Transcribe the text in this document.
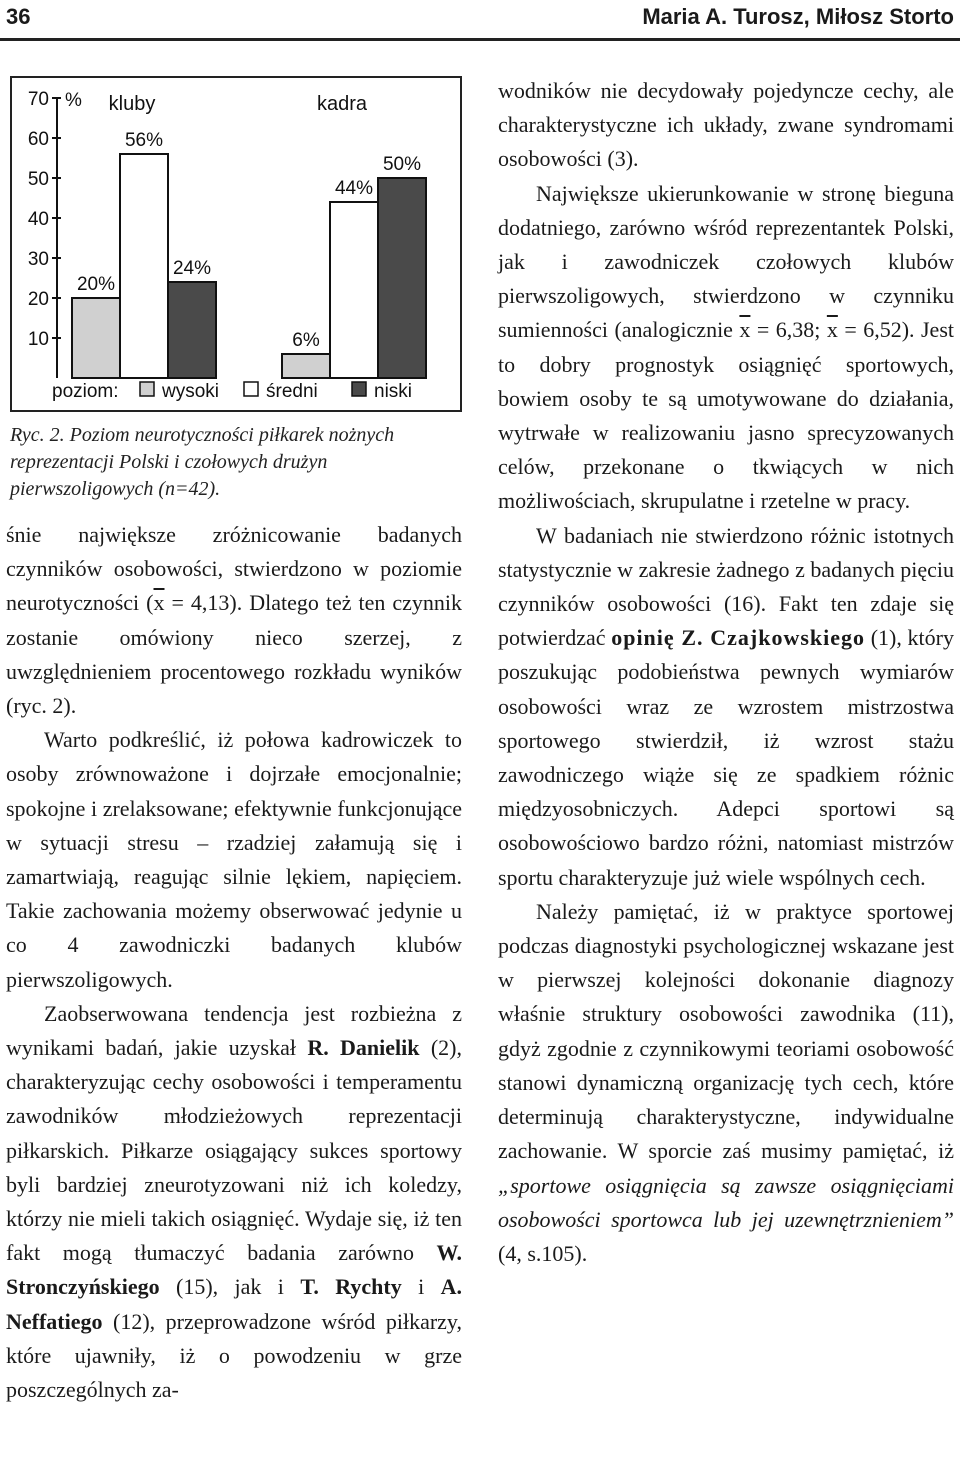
36	Maria A. Turosz, Miłosz Storto
10
20
30
40
50
60
70 % kluby
20%
56%
24%
kadra
6%
44%
50%
poziom: wysoki średni	niski
Ryc. 2. Poziom neurotyczności piłkarek nożnych reprezentacji Polski i czołowych drużyn pierwszoligowych (n=42).

śnie największe zróżnicowanie badanych czynników osobowości, stwierdzono w poziomie neurotyczności $(\overline{x} = 4,13)$. Dlatego też ten czynnik zostanie omówiony nieco szerzej, z uwzględnieniem procentowego rozkładu wyników (ryc. 2).

Warto podkreślić, iż połowa kadrowiczek to osoby zrównoważone i dojrzałe emocjonalnie; spokojne i zrelaksowane; efektywnie funkcjonujące w sytuacji stresu – rzadziej załamują się i zamartwiają, reagując silnie lękiem, napięciem. Takie zachowania możemy obserwować jedynie u co 4 zawodniczki badanych klubów pierwszoligowych.

Zaobserwowana tendencja jest rozbieżna z wynikami badań, jakie uzyskał R. Danielik (2), charakteryzując cechy osobowości i temperamentu zawodników młodzieżowych reprezentacji piłkarskich. Piłkarze osiągający sukces sportowy byli bardziej zneurotyzowani niż ich koledzy, którzy nie mieli takich osiągnięć. Wydaje się, iż ten fakt mogą tłumaczyć badania zarówno W. Stronczyńskiego (15), jak i T. Rychty i A. Neffatiego (12), przeprowadzone wśród piłkarzy, które ujawniły, iż o powodzeniu w grze poszczególnych za-

wodników nie decydowały pojedyncze cechy, ale charakterystyczne ich układy, zwane syndromami osobowości (3).

Największe ukierunkowanie w stronę bieguna dodatniego, zarówno wśród reprezentantek Polski, jak i zawodniczek czołowych klubów pierwszoligowych, stwierdzono w czynniku sumienności (analogicznie $\overline{x} = 6,38$; $\overline{x} = 6,52$). Jest to dobry prognostyk osiągnięć sportowych, bowiem osoby te są umotywowane do działania, wytrwałe w realizowaniu jasno sprecyzowanych celów, przekonane o tkwiących w nich możliwościach, skrupulatne i rzetelne w pracy.

W badaniach nie stwierdzono różnic istotnych statystycznie w zakresie żadnego z badanych pięciu czynników osobowości (16). Fakt ten zdaje się potwierdzać opinię Z. Czajkowskiego (1), który poszukując podobieństwa pewnych wymiarów osobowości wraz ze wzrostem mistrzostwa sportowego stwierdził, iż wzrost stażu zawodniczego wiąże się ze spadkiem różnic międzyosobniczych. Adepci sportowi są osobowościowo bardzo różni, natomiast mistrzów sportu charakteryzuje już wiele wspólnych cech.

Należy pamiętać, iż w praktyce sportowej podczas diagnostyki psychologicznej wskazane jest w pierwszej kolejności dokonanie diagnozy właśnie struktury osobowości zawodnika (11), gdyż zgodnie z czynnikowymi teoriami osobowość stanowi dynamiczną organizację tych cech, które determinują charakterystyczne, indywidualne zachowanie. W sporcie zaś musimy pamiętać, iż „sportowe osiągnięcia są zawsze osiągnięciami osobowości sportowca lub jej uzewnętrznieniem” (4, s.105).
